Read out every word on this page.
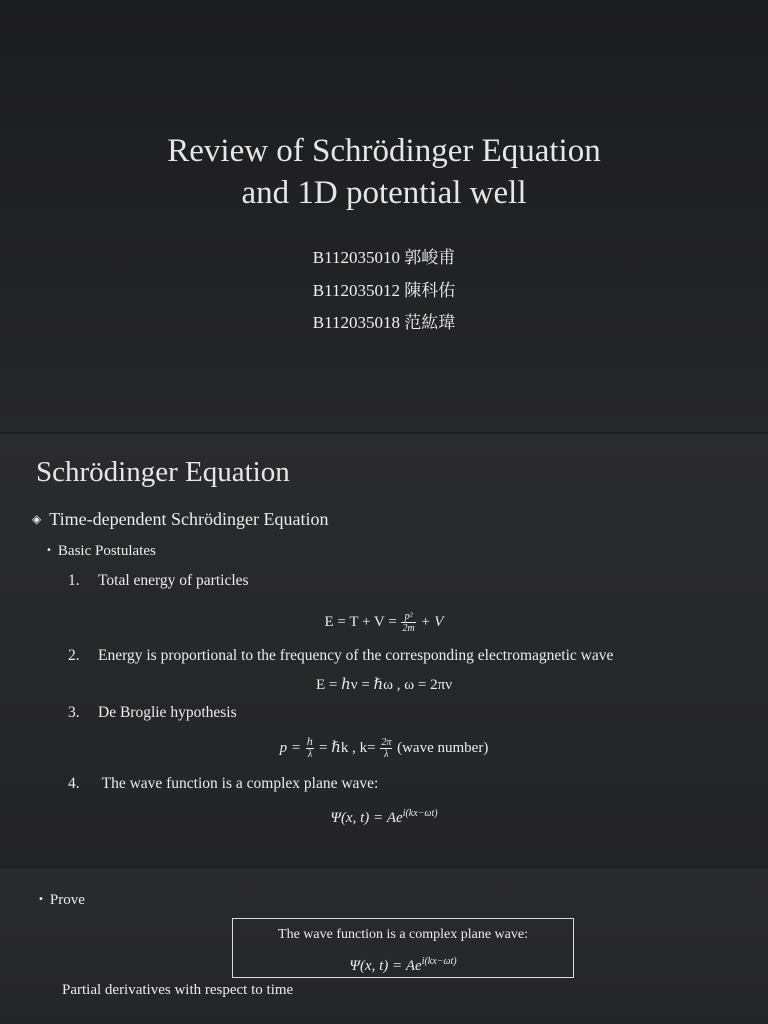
Review of Schrödinger Equation
and 1D potential well
B112035010 郭峻甫
B112035012 陳科佑
B112035018 范紘瑋
Schrödinger Equation
◈ Time-dependent Schrödinger Equation
• Basic Postulates
1. Total energy of particles
$E = T + V = \frac{\text{p²}}{2m} + V$
2. Energy is proportional to the frequency of the corresponding electromagnetic wave
E = ℎν = ℏω , ω = 2πν
3. De Broglie hypothesis
$p = \frac{\text{ℎ}}{\lambda}$ = ℏk , $k= \frac{2\pi}{\lambda}$ (wave number)
4. The wave function is a complex plane wave:
Ψ(x, $t) = Ae^{i(kx-\omega t)}$
• Prove
The wave function is a complex plane wave:
Ψ(x, $t) = Ae^{i(kx-\omega t)}$
Partial derivatives with respect to time
